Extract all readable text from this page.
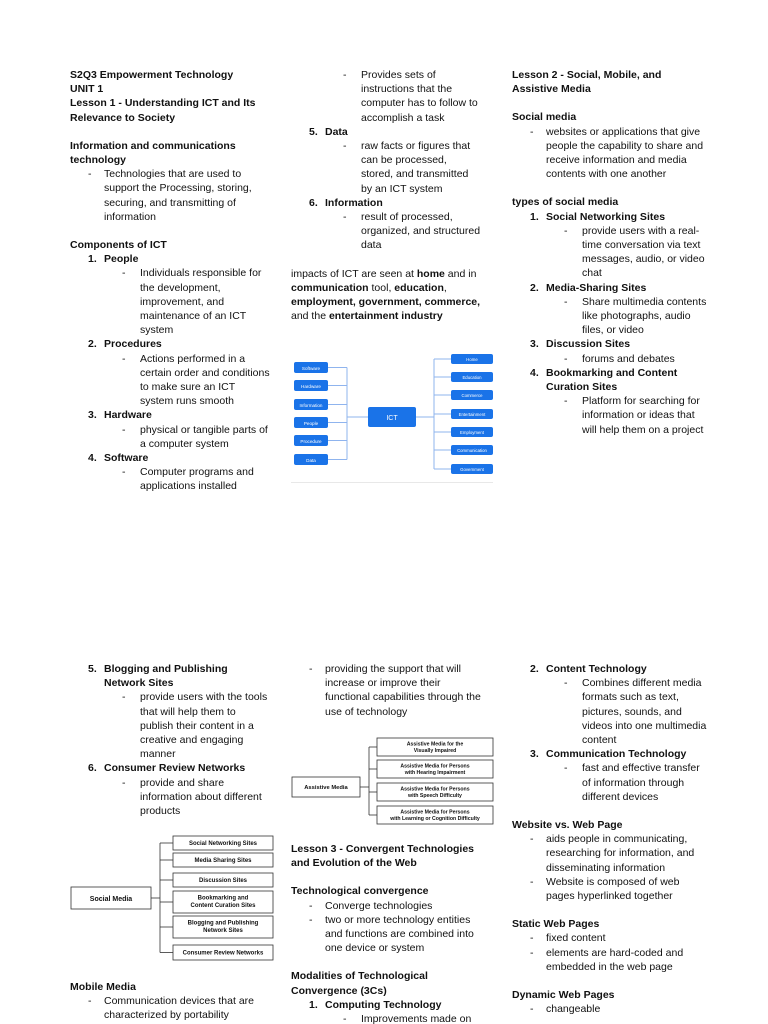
S2Q3 Empowerment Technology
UNIT 1
Lesson 1 - Understanding ICT and Its Relevance to Society
Information and communications technology
- Technologies that are used to support the Processing, storing, securing, and transmitting of information
Components of ICT
1. People
- Individuals responsible for the development, improvement, and maintenance of an ICT system
2. Procedures
- Actions performed in a certain order and conditions to make sure an ICT system runs smooth
3. Hardware
- physical or tangible parts of a computer system
4. Software
- Computer programs and applications installed
- Provides sets of instructions that the computer has to follow to accomplish a task
5. Data
- raw facts or figures that can be processed, stored, and transmitted by an ICT system
6. Information
- result of processed, organized, and structured data
impacts of ICT are seen at home and in communication tool, education, employment, government, commerce, and the entertainment industry
Software
Hardware
Information
People
Procedure
Data
ICT
Home
Education
Commerce
Entertainment
Employment
Communication
Government
Lesson 2 - Social, Mobile, and Assistive Media
Social media
- websites or applications that give people the capability to share and receive information and media contents with one another
types of social media
1. Social Networking Sites
- provide users with a real-time conversation via text messages, audio, or video chat
2. Media-Sharing Sites
- Share multimedia contents like photographs, audio files, or video
3. Discussion Sites
- forums and debates
4. Bookmarking and Content Curation Sites
- Platform for searching for information or ideas that will help them on a project
5. Blogging and Publishing Network Sites
- provide users with the tools that will help them to publish their content in a creative and engaging manner
6. Consumer Review Networks
- provide and share information about different products
Social Media
Social Networking Sites
Media Sharing Sites
Discussion Sites
Bookmarking and Content Curation Sites
Blogging and Publishing Network Sites
Consumer Review Networks
Mobile Media
- Communication devices that are characterized by portability
- providing the support that will increase or improve their functional capabilities through the use of technology
Assistive Media
Assistive Media for the Visually Impaired
Assistive Media for Persons with Hearing Impairment
Assistive Media for Persons with Speech Difficulty
Assistive Media for Persons with Learning or Cognition Difficulty
Lesson 3 - Convergent Technologies and Evolution of the Web
Technological convergence
- Converge technologies
- two or more technology entities and functions are combined into one device or system
Modalities of Technological Convergence (3Cs)
1. Computing Technology
- Improvements made on
2. Content Technology
- Combines different media formats such as text, pictures, sounds, and videos into one multimedia content
3. Communication Technology
- fast and effective transfer of information through different devices
Website vs. Web Page
- aids people in communicating, researching for information, and disseminating information
- Website is composed of web pages hyperlinked together
Static Web Pages
- fixed content
- elements are hard-coded and embedded in the web page
Dynamic Web Pages
- changeable
